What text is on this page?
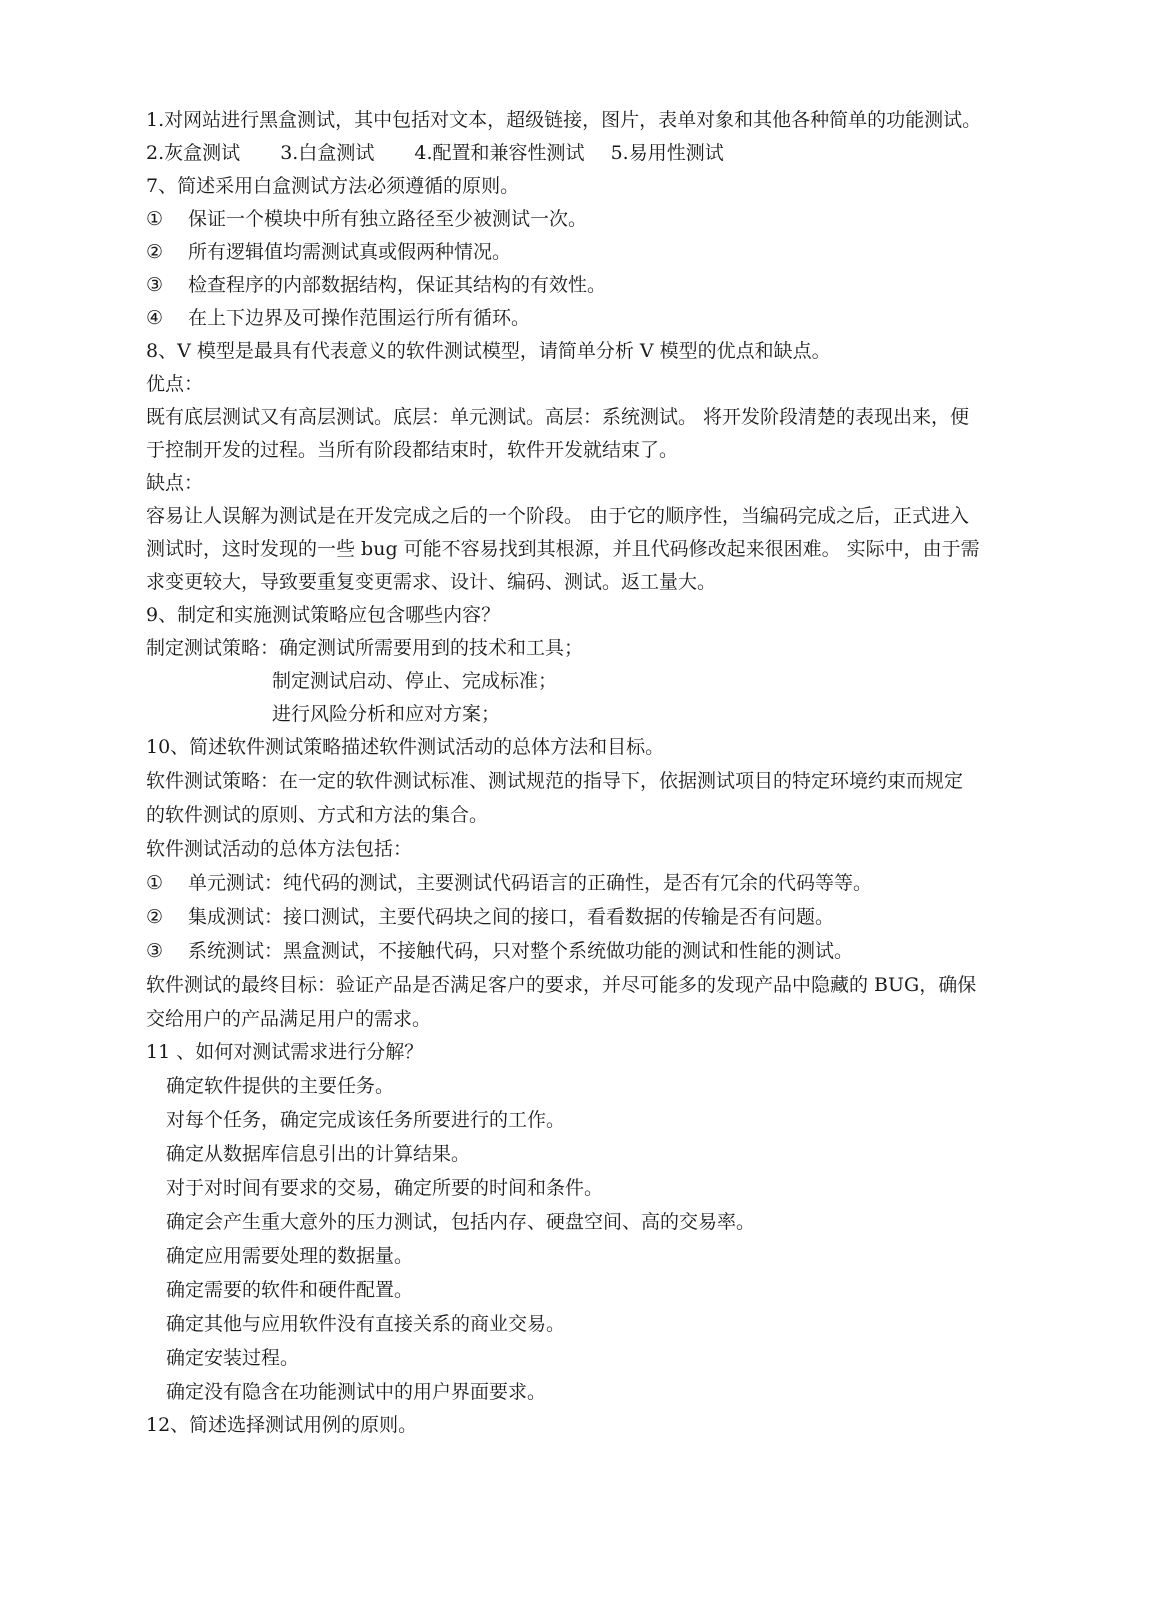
1.对网站进行黑盒测试，其中包括对文本，超级链接，图片，表单对象和其他各种简单的功能测试。
2.灰盒测试 3.白盒测试 4.配置和兼容性测试 5.易用性测试
7、简述采用白盒测试方法必须遵循的原则。
① 保证一个模块中所有独立路径至少被测试一次。
② 所有逻辑值均需测试真或假两种情况。
③ 检查程序的内部数据结构，保证其结构的有效性。
④ 在上下边界及可操作范围运行所有循环。
8、V 模型是最具有代表意义的软件测试模型，请简单分析 V 模型的优点和缺点。
优点：
既有底层测试又有高层测试。底层：单元测试。高层：系统测试。 将开发阶段清楚的表现出来，便
于控制开发的过程。当所有阶段都结束时，软件开发就结束了。
缺点：
容易让人误解为测试是在开发完成之后的一个阶段。 由于它的顺序性，当编码完成之后，正式进入
测试时，这时发现的一些 bug 可能不容易找到其根源，并且代码修改起来很困难。 实际中，由于需
求变更较大，导致要重复变更需求、设计、编码、测试。返工量大。
9、制定和实施测试策略应包含哪些内容？
制定测试策略：确定测试所需要用到的技术和工具；
制定测试启动、停止、完成标准；
进行风险分析和应对方案；
10、简述软件测试策略描述软件测试活动的总体方法和目标。
软件测试策略：在一定的软件测试标准、测试规范的指导下，依据测试项目的特定环境约束而规定
的软件测试的原则、方式和方法的集合。
软件测试活动的总体方法包括：
① 单元测试：纯代码的测试，主要测试代码语言的正确性，是否有冗余的代码等等。
② 集成测试：接口测试，主要代码块之间的接口，看看数据的传输是否有问题。
③ 系统测试：黑盒测试，不接触代码，只对整个系统做功能的测试和性能的测试。
软件测试的最终目标：验证产品是否满足客户的要求，并尽可能多的发现产品中隐藏的 BUG，确保
交给用户的产品满足用户的需求。
11 、如何对测试需求进行分解？
确定软件提供的主要任务。
对每个任务，确定完成该任务所要进行的工作。
确定从数据库信息引出的计算结果。
对于对时间有要求的交易，确定所要的时间和条件。
确定会产生重大意外的压力测试，包括内存、硬盘空间、高的交易率。
确定应用需要处理的数据量。
确定需要的软件和硬件配置。
确定其他与应用软件没有直接关系的商业交易。
确定安装过程。
确定没有隐含在功能测试中的用户界面要求。
12、简述选择测试用例的原则。
